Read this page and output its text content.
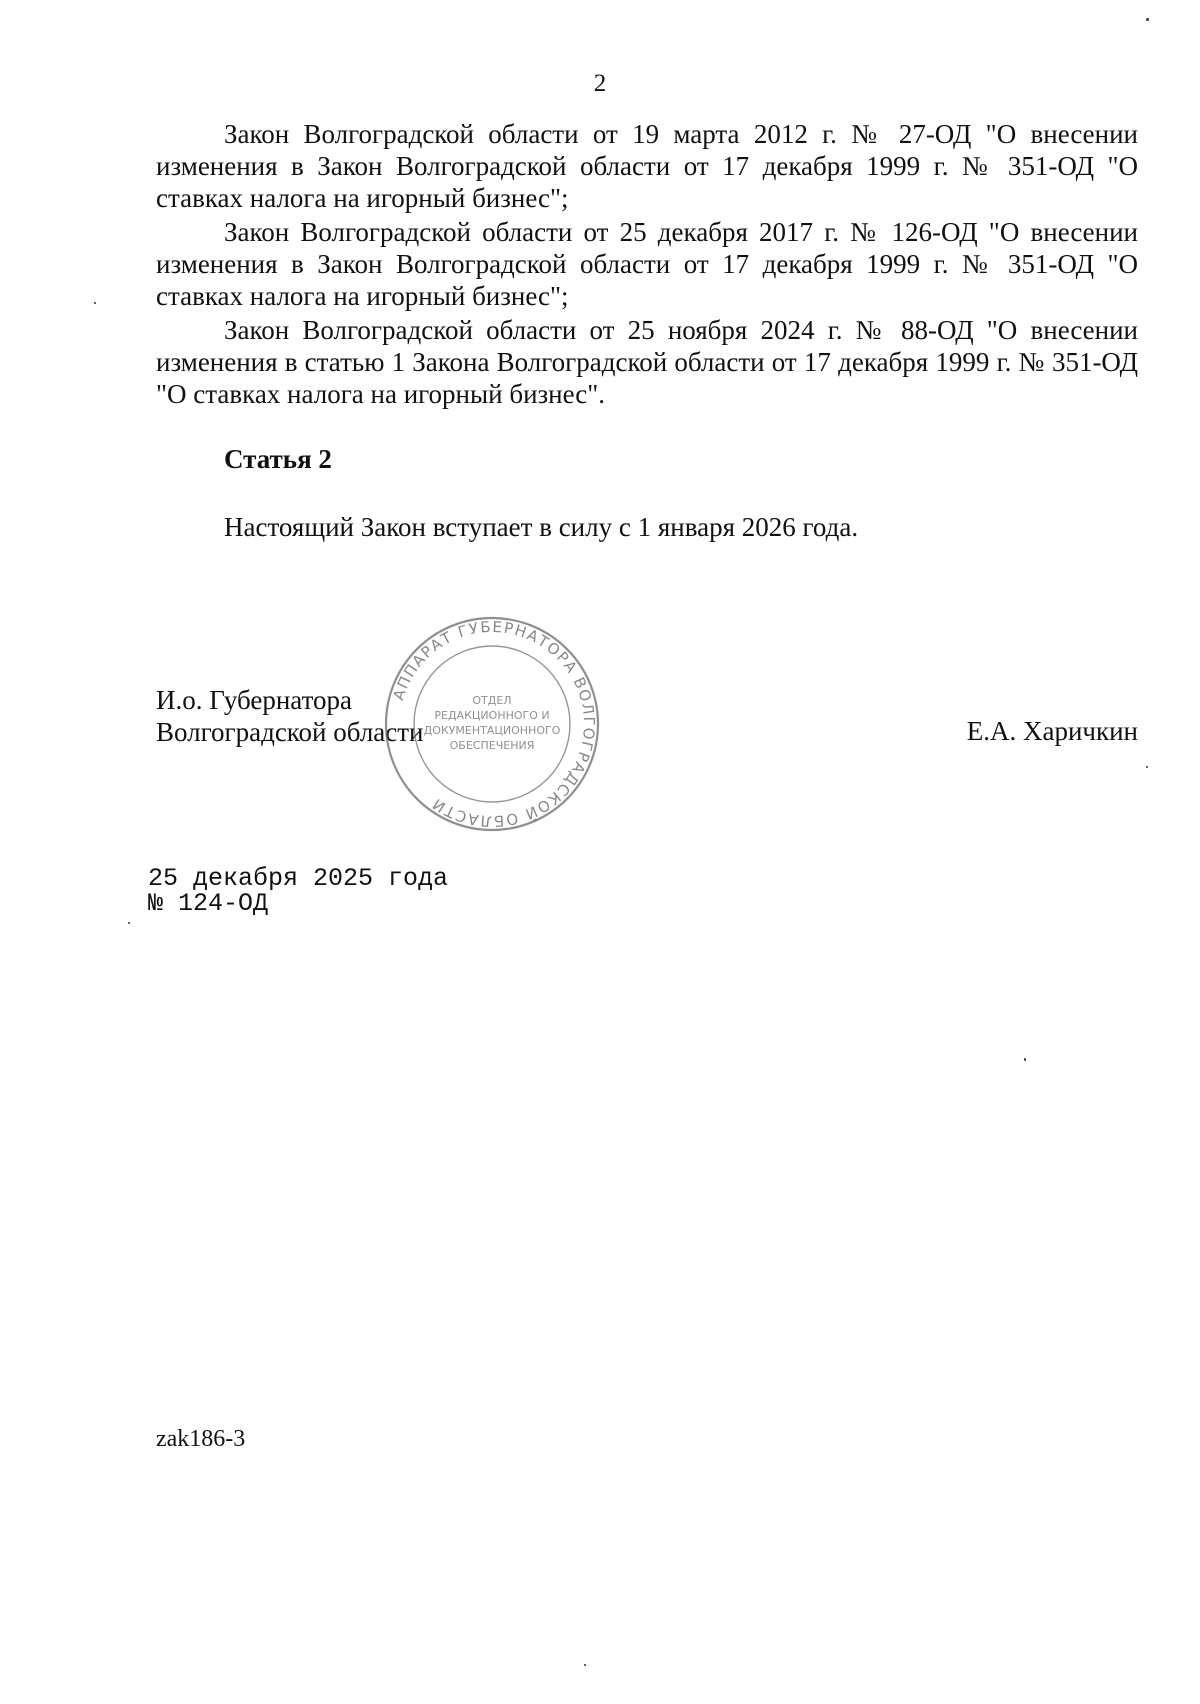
2
Закон Волгоградской области от 19 марта 2012 г. № 27-ОД "О внесении изменения в Закон Волгоградской области от 17 декабря 1999 г. № 351-ОД "О ставках налога на игорный бизнес";
Закон Волгоградской области от 25 декабря 2017 г. № 126-ОД "О внесении изменения в Закон Волгоградской области от 17 декабря 1999 г. № 351-ОД "О ставках налога на игорный бизнес";
Закон Волгоградской области от 25 ноября 2024 г. № 88-ОД "О внесении изменения в статью 1 Закона Волгоградской области от 17 декабря 1999 г. № 351-ОД "О ставках налога на игорный бизнес".
Статья 2
Настоящий Закон вступает в силу с 1 января 2026 года.
И.о. Губернатора
Волгоградской области
АППАРАТ ГУБЕРНАТОРА ВОЛГОГРАДСКОЙ ОБЛАСТИ
ОТДЕЛ
РЕДАКЦИОННОГО И
ДОКУМЕНТАЦИОННОГО
ОБЕСПЕЧЕНИЯ	Е.А. Харичкин
25 декабря 2025 года
№ 124-ОД
zak186-3
